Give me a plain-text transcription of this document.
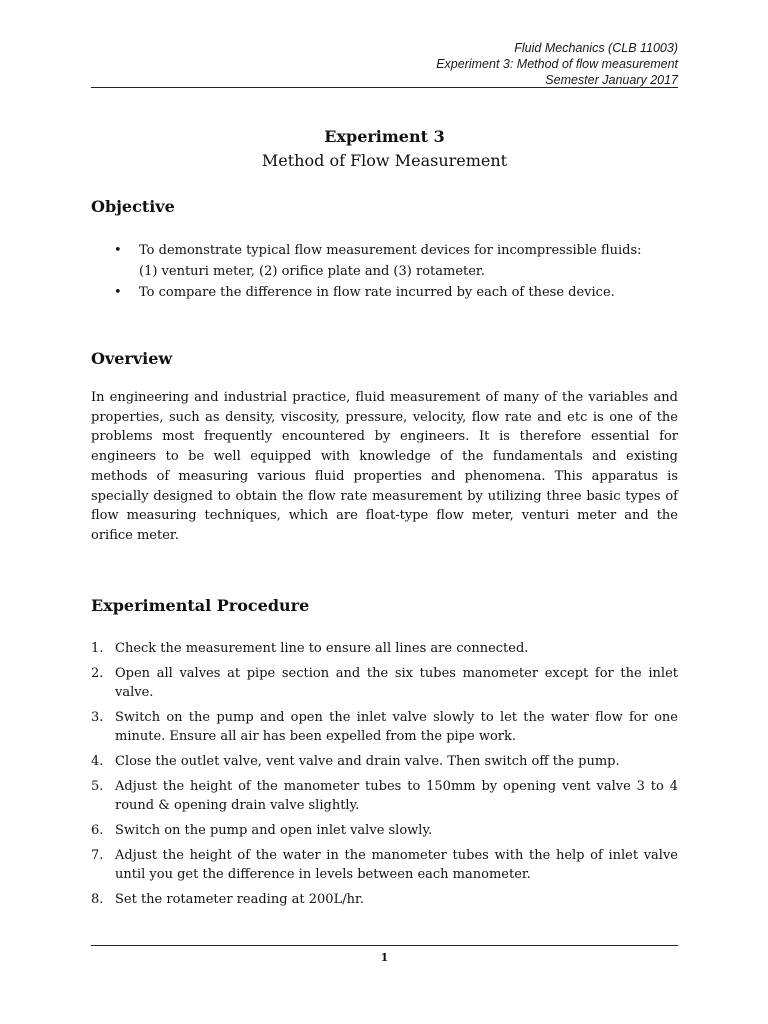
Fluid Mechanics (CLB 11003)
Experiment 3: Method of flow measurement
Semester January 2017
Experiment 3
Method of Flow Measurement
Objective
• To demonstrate typical flow measurement devices for incompressible fluids:
(1) venturi meter, (2) orifice plate and (3) rotameter.
• To compare the difference in flow rate incurred by each of these device.
Overview

In engineering and industrial practice, fluid measurement of many of the variables and properties, such as density, viscosity, pressure, velocity, flow rate and etc is one of the problems most frequently encountered by engineers. It is therefore essential for engineers to be well equipped with knowledge of the fundamentals and existing methods of measuring various fluid properties and phenomena. This apparatus is specially designed to obtain the flow rate measurement by utilizing three basic types of flow measuring techniques, which are float-type flow meter, venturi meter and the orifice meter.

Experimental Procedure
1. Check the measurement line to ensure all lines are connected.
2. Open all valves at pipe section and the six tubes manometer except for the inlet valve.
3. Switch on the pump and open the inlet valve slowly to let the water flow for one minute. Ensure all air has been expelled from the pipe work.
4. Close the outlet valve, vent valve and drain valve. Then switch off the pump.
5. Adjust the height of the manometer tubes to 150mm by opening vent valve 3 to 4 round & opening drain valve slightly.
6. Switch on the pump and open inlet valve slowly.
7. Adjust the height of the water in the manometer tubes with the help of inlet valve until you get the difference in levels between each manometer.
8. Set the rotameter reading at 200L/hr.
1
